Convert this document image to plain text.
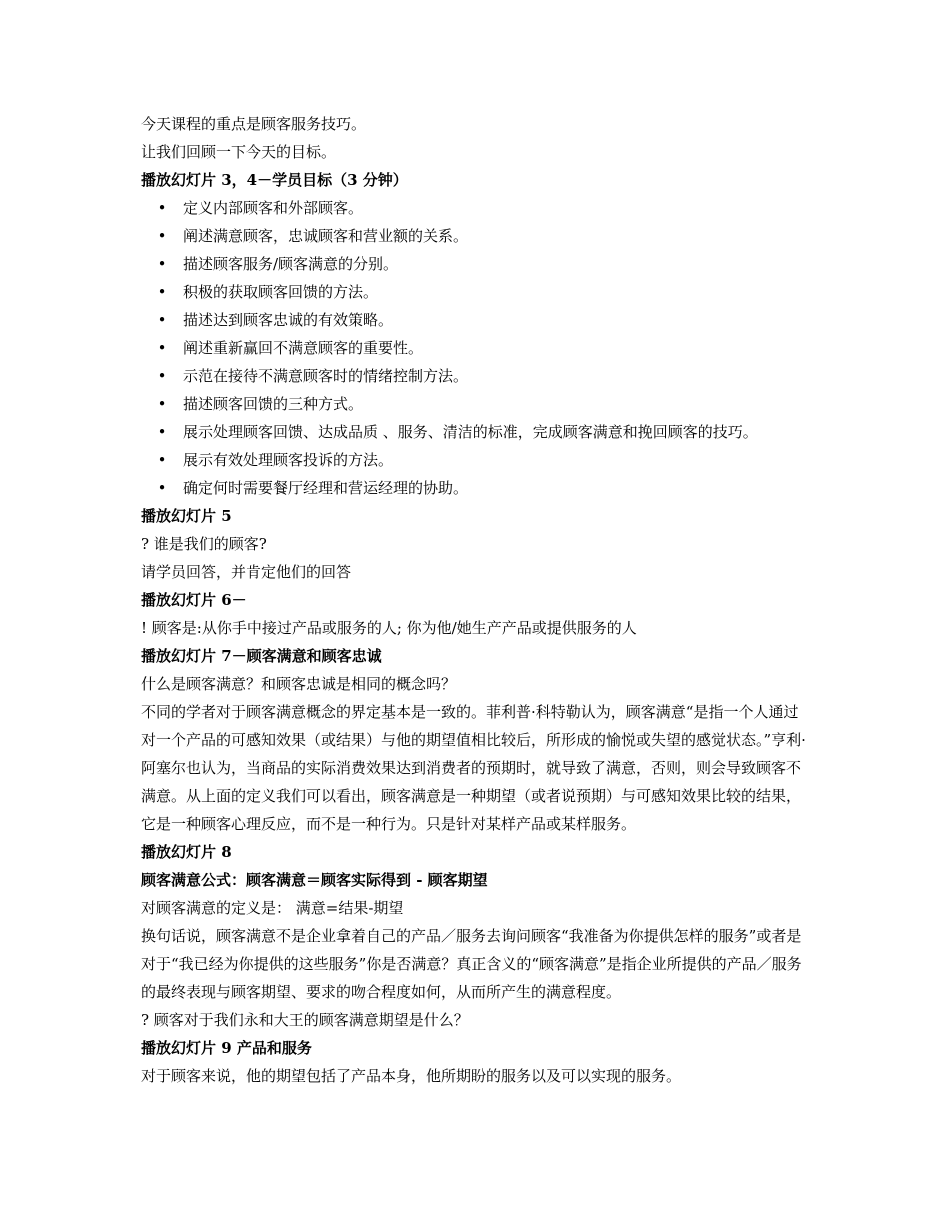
今天课程的重点是顾客服务技巧。
让我们回顾一下今天的目标。
播放幻灯片 3，4－学员目标（3 分钟）
• 定义内部顾客和外部顾客。
• 阐述满意顾客，忠诚顾客和营业额的关系。
• 描述顾客服务/顾客满意的分别。
• 积极的获取顾客回馈的方法。
• 描述达到顾客忠诚的有效策略。
• 阐述重新赢回不满意顾客的重要性。
• 示范在接待不满意顾客时的情绪控制方法。
• 描述顾客回馈的三种方式。
• 展示处理顾客回馈、达成品质 、服务、清洁的标准，完成顾客满意和挽回顾客的技巧。
• 展示有效处理顾客投诉的方法。
• 确定何时需要餐厅经理和营运经理的协助。
播放幻灯片 5
? 谁是我们的顾客?
请学员回答，并肯定他们的回答
播放幻灯片 6－
! 顾客是:从你手中接过产品或服务的人; 你为他/她生产产品或提供服务的人
播放幻灯片 7－顾客满意和顾客忠诚
什么是顾客满意？和顾客忠诚是相同的概念吗？

不同的学者对于顾客满意概念的界定基本是一致的。菲利普·科特勒认为，顾客满意“是指一个人通过对一个产品的可感知效果（或结果）与他的期望值相比较后，所形成的愉悦或失望的感觉状态。”亨利·阿塞尔也认为，当商品的实际消费效果达到消费者的预期时，就导致了满意，否则，则会导致顾客不满意。从上面的定义我们可以看出，顾客满意是一种期望（或者说预期）与可感知效果比较的结果，它是一种顾客心理反应，而不是一种行为。只是针对某样产品或某样服务。

播放幻灯片 8
顾客满意公式：顾客满意＝顾客实际得到 - 顾客期望
对顾客满意的定义是： 满意=结果-期望

换句话说，顾客满意不是企业拿着自己的产品／服务去询问顾客“我准备为你提供怎样的服务”或者是对于“我已经为你提供的这些服务”你是否满意？真正含义的“顾客满意”是指企业所提供的产品／服务的最终表现与顾客期望、要求的吻合程度如何，从而所产生的满意程度。

? 顾客对于我们永和大王的顾客满意期望是什么？
播放幻灯片 9 产品和服务
对于顾客来说，他的期望包括了产品本身，他所期盼的服务以及可以实现的服务。
